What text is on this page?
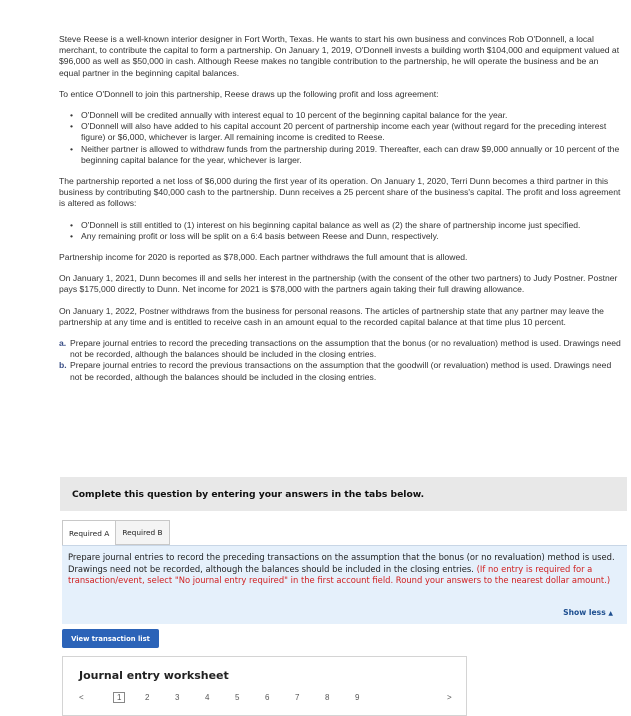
Steve Reese is a well-known interior designer in Fort Worth, Texas. He wants to start his own business and convinces Rob O'Donnell, a local merchant, to contribute the capital to form a partnership. On January 1, 2019, O'Donnell invests a building worth $104,000 and equipment valued at $96,000 as well as $50,000 in cash. Although Reese makes no tangible contribution to the partnership, he will operate the business and be an equal partner in the beginning capital balances.

To entice O'Donnell to join this partnership, Reese draws up the following profit and loss agreement:

• O'Donnell will be credited annually with interest equal to 10 percent of the beginning capital balance for the year.
• O'Donnell will also have added to his capital account 20 percent of partnership income each year (without regard for the preceding interest figure) or $6,000, whichever is larger. All remaining income is credited to Reese.
• Neither partner is allowed to withdraw funds from the partnership during 2019. Thereafter, each can draw $9,000 annually or 10 percent of the beginning capital balance for the year, whichever is larger.

The partnership reported a net loss of $6,000 during the first year of its operation. On January 1, 2020, Terri Dunn becomes a third partner in this business by contributing $40,000 cash to the partnership. Dunn receives a 25 percent share of the business's capital. The profit and loss agreement is altered as follows:

• O'Donnell is still entitled to (1) interest on his beginning capital balance as well as (2) the share of partnership income just specified.
• Any remaining profit or loss will be split on a 6:4 basis between Reese and Dunn, respectively.

Partnership income for 2020 is reported as $78,000. Each partner withdraws the full amount that is allowed.

On January 1, 2021, Dunn becomes ill and sells her interest in the partnership (with the consent of the other two partners) to Judy Postner. Postner pays $175,000 directly to Dunn. Net income for 2021 is $78,000 with the partners again taking their full drawing allowance.

On January 1, 2022, Postner withdraws from the business for personal reasons. The articles of partnership state that any partner may leave the partnership at any time and is entitled to receive cash in an amount equal to the recorded capital balance at that time plus 10 percent.

a. Prepare journal entries to record the preceding transactions on the assumption that the bonus (or no revaluation) method is used. Drawings need not be recorded, although the balances should be included in the closing entries.
b. Prepare journal entries to record the previous transactions on the assumption that the goodwill (or revaluation) method is used. Drawings need not be recorded, although the balances should be included in the closing entries.
Complete this question by entering your answers in the tabs below.
Required A	Required B
Prepare journal entries to record the preceding transactions on the assumption that the bonus (or no revaluation) method is used. Drawings need not be recorded, although the balances should be included in the closing entries. (If no entry is required for a transaction/event, select "No journal entry required" in the first account field. Round your answers to the nearest dollar amount.)
Show less ▲
View transaction list
Journal entry worksheet
<	1	2	3	4	5	6	7	8	9	>
